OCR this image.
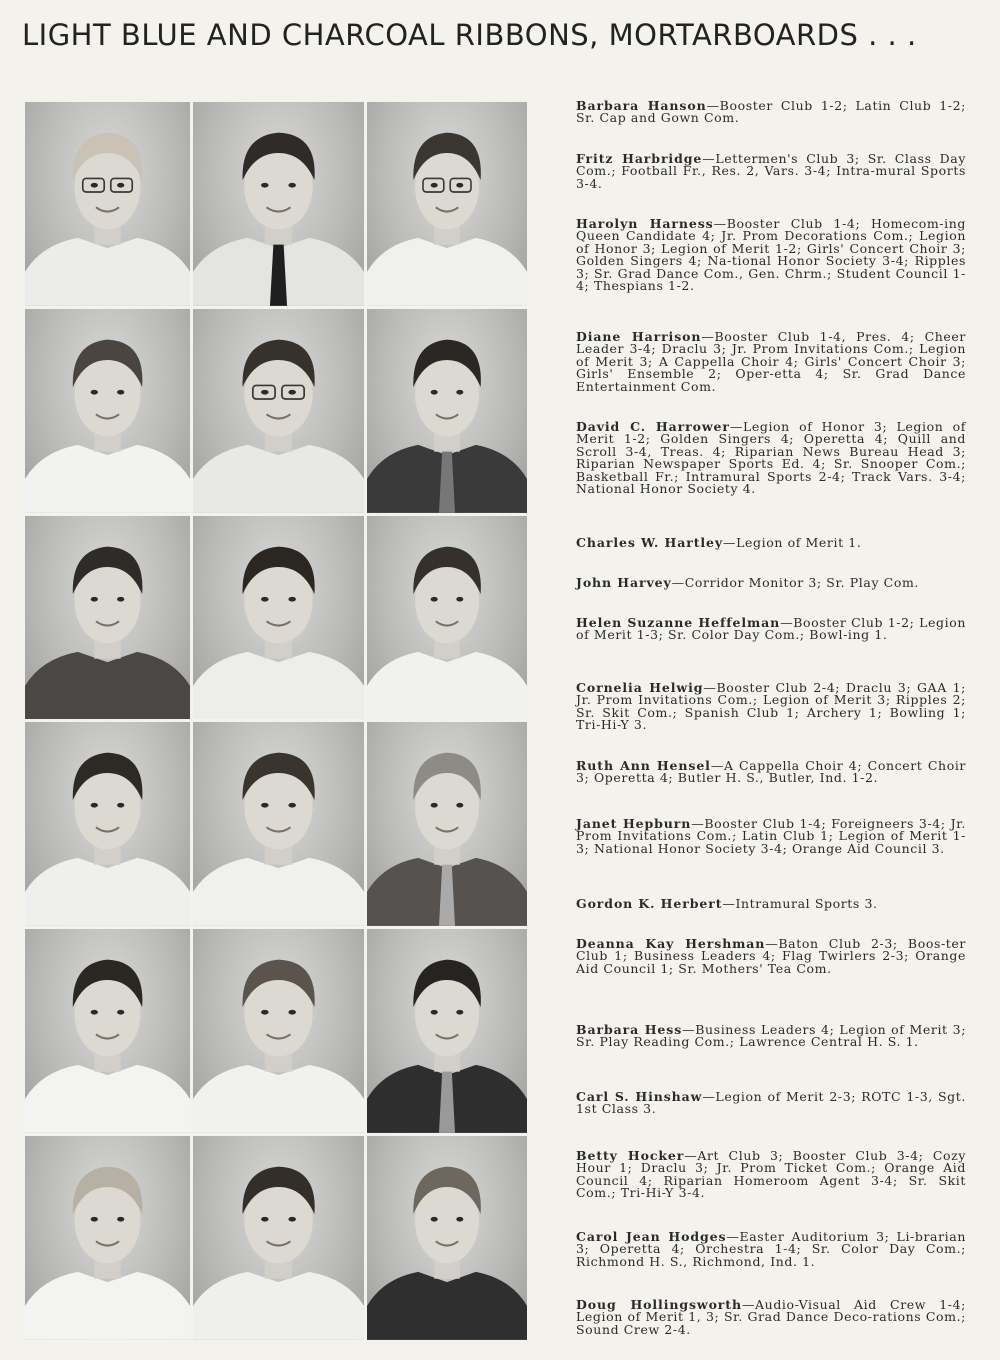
LIGHT BLUE AND CHARCOAL RIBBONS, MORTARBOARDS . . .
Barbara Hanson—Booster Club 1-2; Latin Club 1-2; Sr. Cap and Gown Com.
Fritz Harbridge—Lettermen's Club 3; Sr. Class Day Com.; Football Fr., Res. 2, Vars. 3-4; Intra-mural Sports 3-4.
Harolyn Harness—Booster Club 1-4; Homecom-ing Queen Candidate 4; Jr. Prom Decorations Com.; Legion of Honor 3; Legion of Merit 1-2; Girls' Concert Choir 3; Golden Singers 4; Na-tional Honor Society 3-4; Ripples 3; Sr. Grad Dance Com., Gen. Chrm.; Student Council 1-4; Thespians 1-2.
Diane Harrison—Booster Club 1-4, Pres. 4; Cheer Leader 3-4; Draclu 3; Jr. Prom Invitations Com.; Legion of Merit 3; A Cappella Choir 4; Girls' Concert Choir 3; Girls' Ensemble 2; Oper-etta 4; Sr. Grad Dance Entertainment Com.
David C. Harrower—Legion of Honor 3; Legion of Merit 1-2; Golden Singers 4; Operetta 4; Quill and Scroll 3-4, Treas. 4; Riparian News Bureau Head 3; Riparian Newspaper Sports Ed. 4; Sr. Snooper Com.; Basketball Fr.; Intramural Sports 2-4; Track Vars. 3-4; National Honor Society 4.
Charles W. Hartley—Legion of Merit 1.
John Harvey—Corridor Monitor 3; Sr. Play Com.
Helen Suzanne Heffelman—Booster Club 1-2; Legion of Merit 1-3; Sr. Color Day Com.; Bowl-ing 1.
Cornelia Helwig—Booster Club 2-4; Draclu 3; GAA 1; Jr. Prom Invitations Com.; Legion of Merit 3; Ripples 2; Sr. Skit Com.; Spanish Club 1; Archery 1; Bowling 1; Tri-Hi-Y 3.
Ruth Ann Hensel—A Cappella Choir 4; Concert Choir 3; Operetta 4; Butler H. S., Butler, Ind. 1-2.
Janet Hepburn—Booster Club 1-4; Foreigneers 3-4; Jr. Prom Invitations Com.; Latin Club 1; Legion of Merit 1-3; National Honor Society 3-4; Orange Aid Council 3.
Gordon K. Herbert—Intramural Sports 3.
Deanna Kay Hershman—Baton Club 2-3; Boos-ter Club 1; Business Leaders 4; Flag Twirlers 2-3; Orange Aid Council 1; Sr. Mothers' Tea Com.
Barbara Hess—Business Leaders 4; Legion of Merit 3; Sr. Play Reading Com.; Lawrence Central H. S. 1.
Carl S. Hinshaw—Legion of Merit 2-3; ROTC 1-3, Sgt. 1st Class 3.
Betty Hocker—Art Club 3; Booster Club 3-4; Cozy Hour 1; Draclu 3; Jr. Prom Ticket Com.; Orange Aid Council 4; Riparian Homeroom Agent 3-4; Sr. Skit Com.; Tri-Hi-Y 3-4.
Carol Jean Hodges—Easter Auditorium 3; Li-brarian 3; Operetta 4; Orchestra 1-4; Sr. Color Day Com.; Richmond H. S., Richmond, Ind. 1.
Doug Hollingsworth—Audio-Visual Aid Crew 1-4; Legion of Merit 1, 3; Sr. Grad Dance Deco-rations Com.; Sound Crew 2-4.
